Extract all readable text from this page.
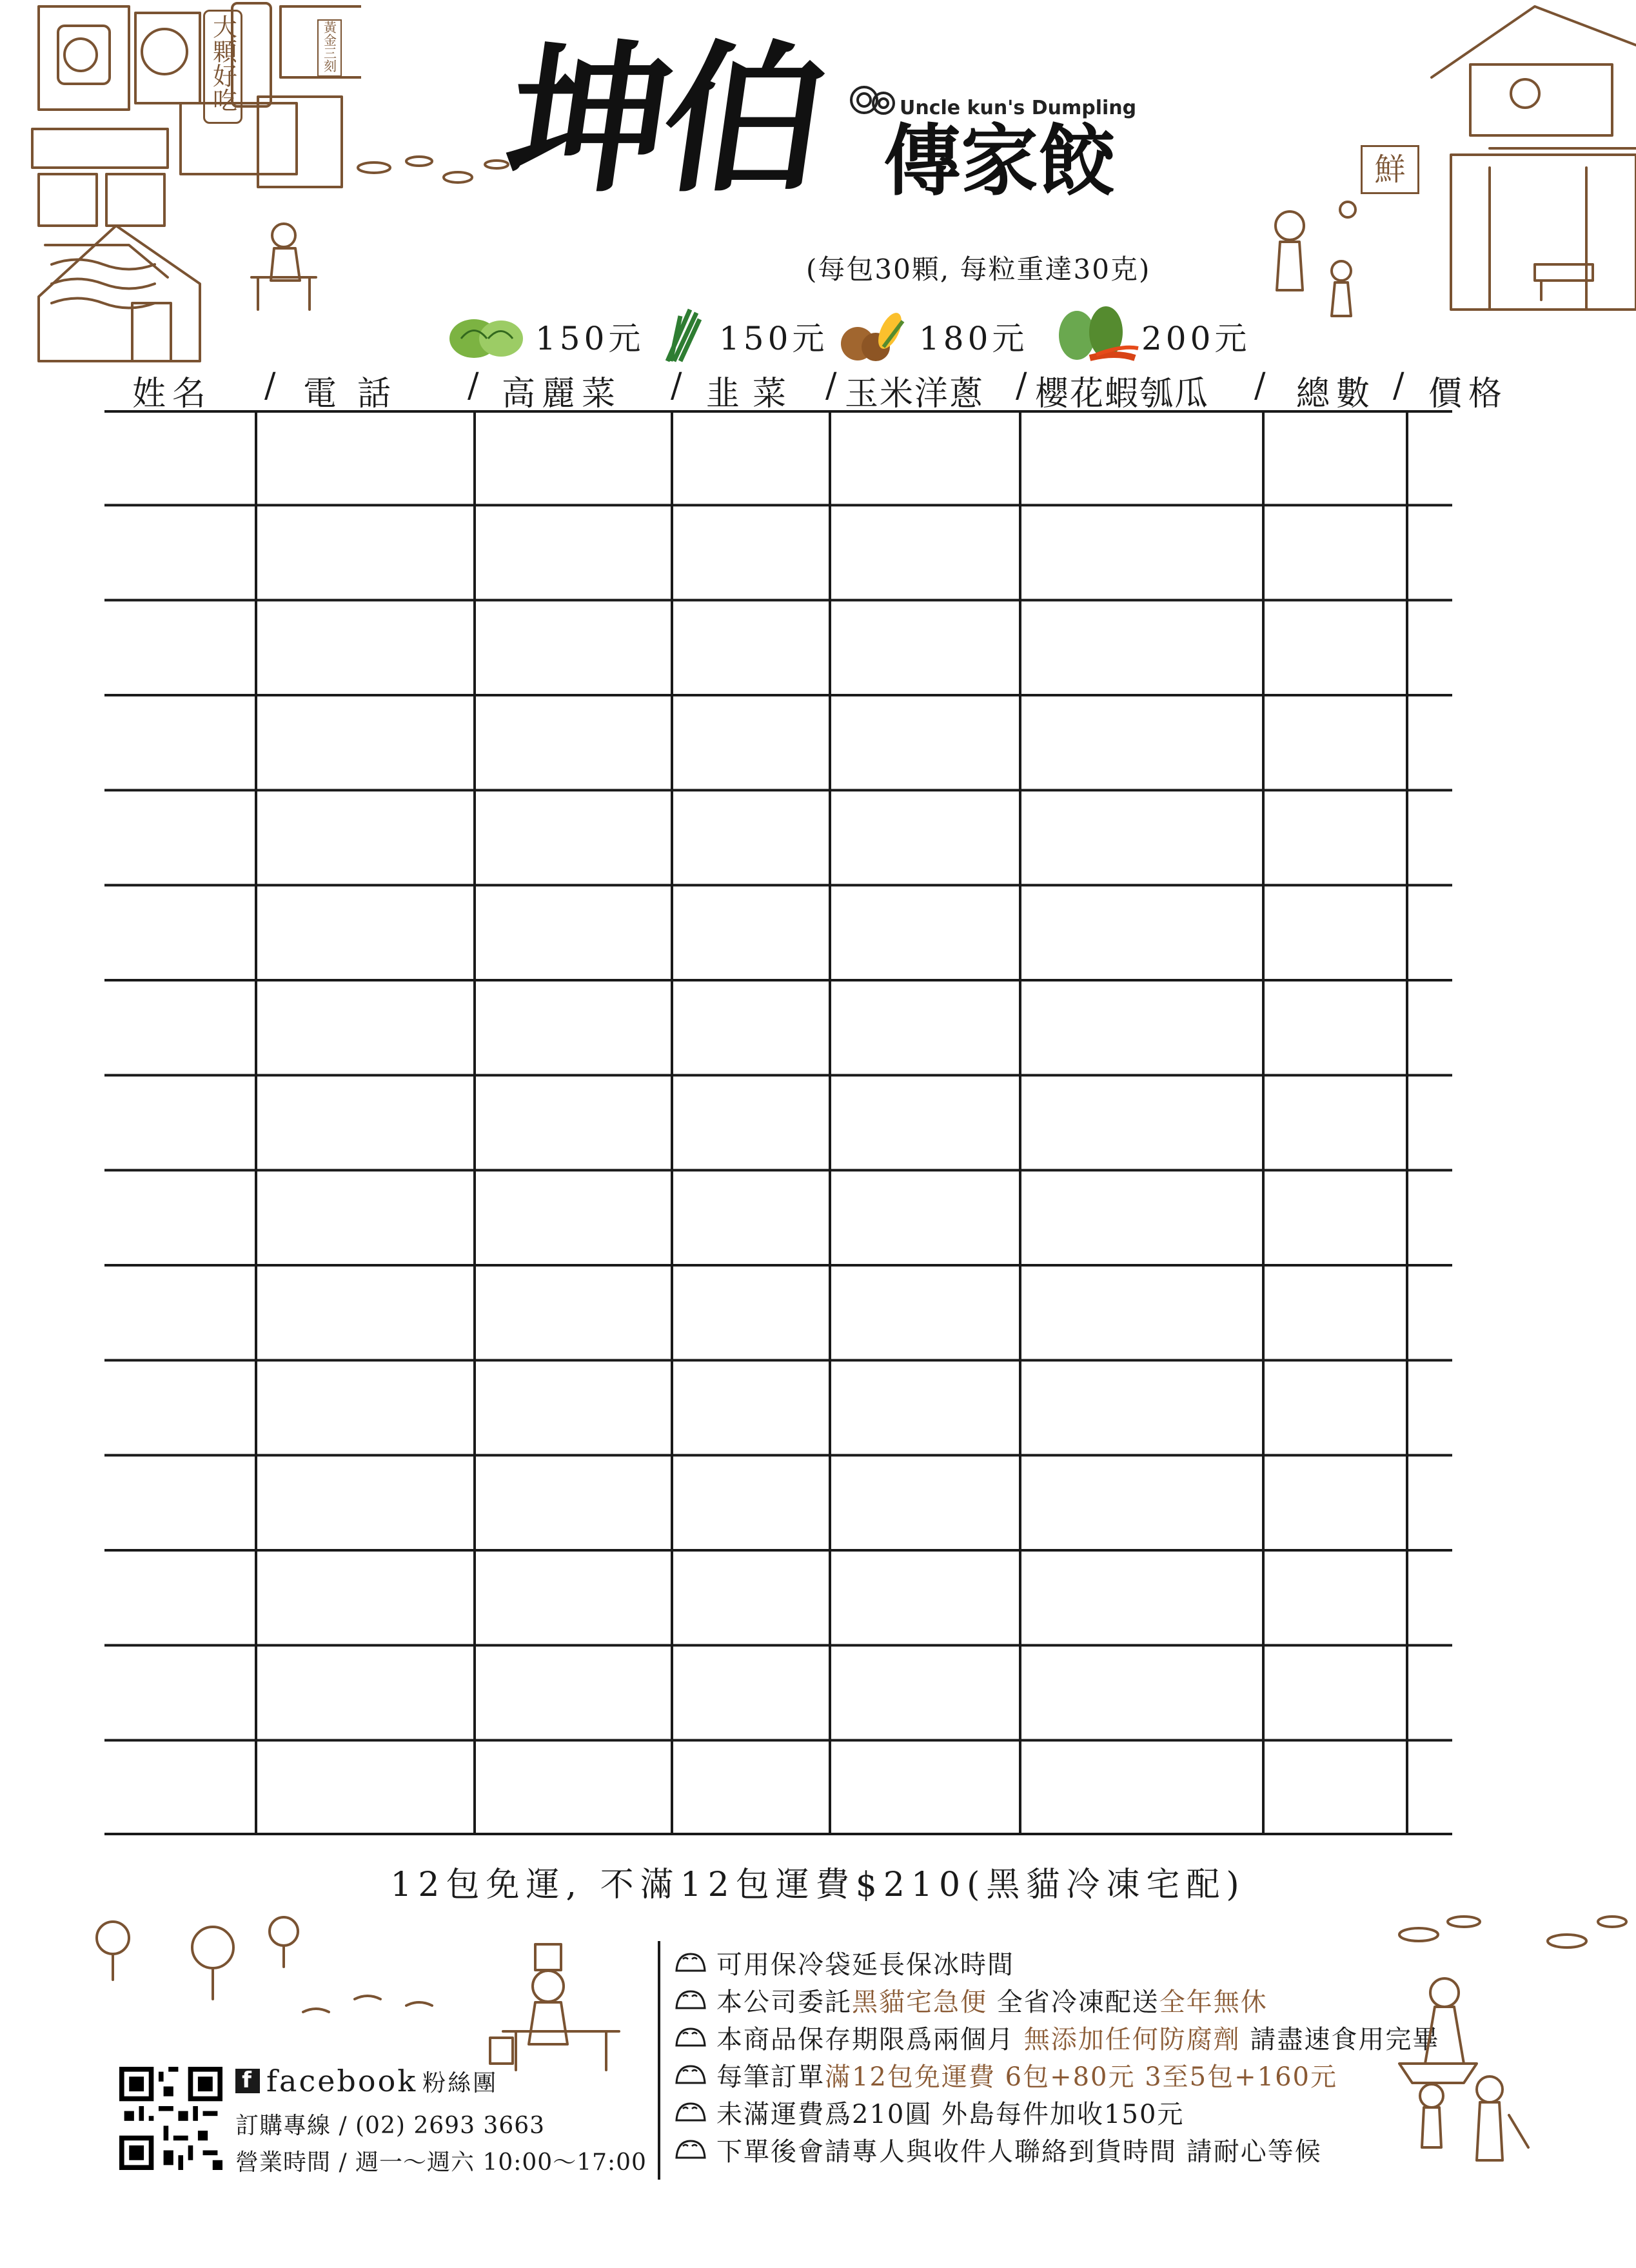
大顆好吃	黃金三刻
鮮
坤伯 傳家餃
Uncle kun's Dumpling
(每包30顆, 每粒重達30克)
150元 150元	180元	200元
姓名 / 電話 / 高麗菜 / 韭菜 / 玉米洋蔥 / 櫻花蝦瓠瓜 / 總數 / 價格
12包免運, 不滿12包運費$210(黑貓冷凍宅配)
f facebook 粉絲團
訂購專線 / (02) 2693 3663
營業時間 / 週一～週六 10:00～17:00
可用保冷袋延長保冰時間
本公司委託 黑貓宅急便 全省冷凍配送 全年無休
本商品保存期限爲兩個月 無添加任何防腐劑 請盡速食用完畢
每筆訂單 滿12包免運費
6包+80元
3至5包+160元
未滿運費爲210圓 外島每件加收150元
下單後會請專人與收件人聯絡到貨時間 請耐心等候
